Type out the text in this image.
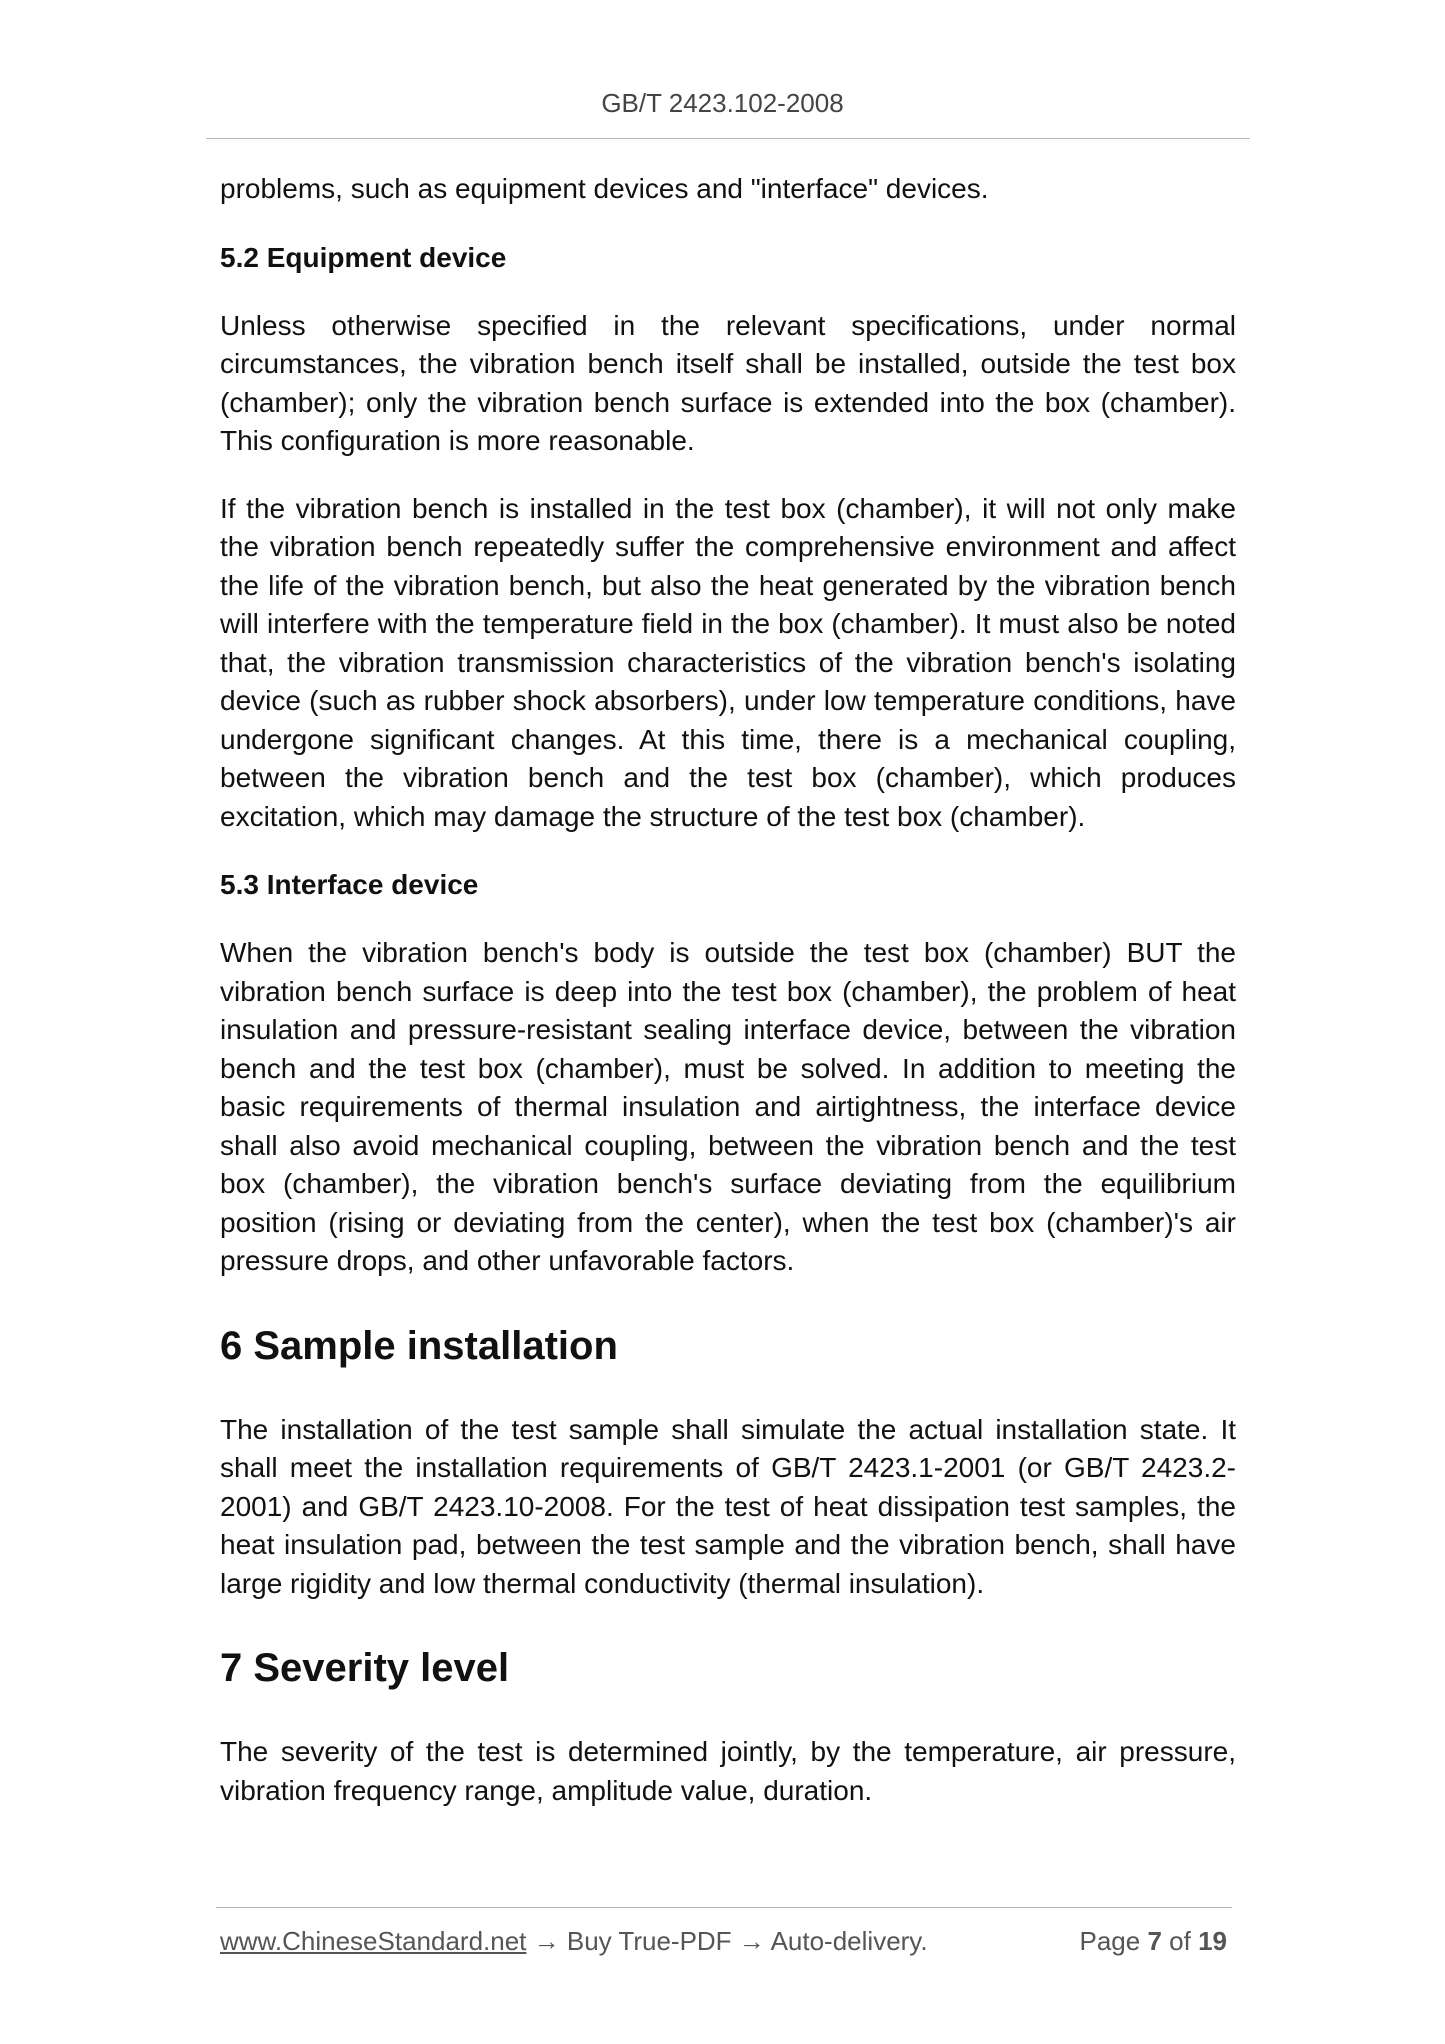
GB/T 2423.102-2008

problems, such as equipment devices and "interface" devices.

5.2 Equipment device

Unless otherwise specified in the relevant specifications, under normal circumstances, the vibration bench itself shall be installed, outside the test box (chamber); only the vibration bench surface is extended into the box (chamber). This configuration is more reasonable.

If the vibration bench is installed in the test box (chamber), it will not only make the vibration bench repeatedly suffer the comprehensive environment and affect the life of the vibration bench, but also the heat generated by the vibration bench will interfere with the temperature field in the box (chamber). It must also be noted that, the vibration transmission characteristics of the vibration bench's isolating device (such as rubber shock absorbers), under low temperature conditions, have undergone significant changes. At this time, there is a mechanical coupling, between the vibration bench and the test box (chamber), which produces excitation, which may damage the structure of the test box (chamber).

5.3 Interface device

When the vibration bench's body is outside the test box (chamber) BUT the vibration bench surface is deep into the test box (chamber), the problem of heat insulation and pressure-resistant sealing interface device, between the vibration bench and the test box (chamber), must be solved. In addition to meeting the basic requirements of thermal insulation and airtightness, the interface device shall also avoid mechanical coupling, between the vibration bench and the test box (chamber), the vibration bench's surface deviating from the equilibrium position (rising or deviating from the center), when the test box (chamber)'s air pressure drops, and other unfavorable factors.

6 Sample installation

The installation of the test sample shall simulate the actual installation state. It shall meet the installation requirements of GB/T 2423.1-2001 (or GB/T 2423.2-2001) and GB/T 2423.10-2008. For the test of heat dissipation test samples, the heat insulation pad, between the test sample and the vibration bench, shall have large rigidity and low thermal conductivity (thermal insulation).

7 Severity level

The severity of the test is determined jointly, by the temperature, air pressure, vibration frequency range, amplitude value, duration.

www.ChineseStandard.net → Buy True-PDF → Auto-delivery.	Page 7 of 19
